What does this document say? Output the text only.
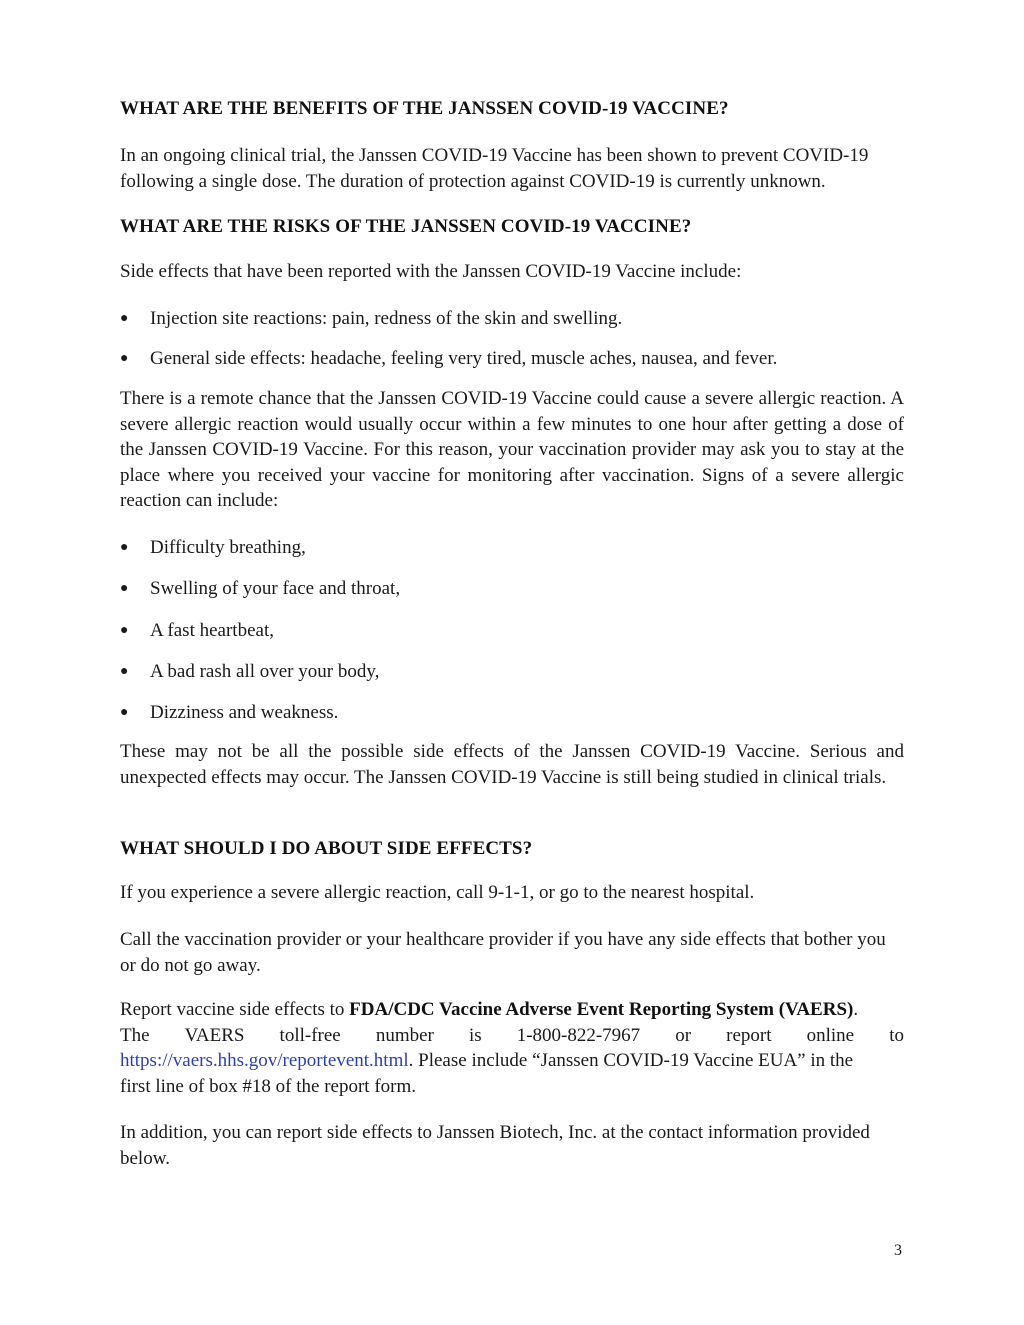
WHAT ARE THE BENEFITS OF THE JANSSEN COVID-19 VACCINE?
In an ongoing clinical trial, the Janssen COVID-19 Vaccine has been shown to prevent COVID-19 following a single dose. The duration of protection against COVID-19 is currently unknown.
WHAT ARE THE RISKS OF THE JANSSEN COVID-19 VACCINE?
Side effects that have been reported with the Janssen COVID-19 Vaccine include:
●	Injection site reactions: pain, redness of the skin and swelling.
●	General side effects: headache, feeling very tired, muscle aches, nausea, and fever.
There is a remote chance that the Janssen COVID-19 Vaccine could cause a severe allergic reaction. A severe allergic reaction would usually occur within a few minutes to one hour after getting a dose of the Janssen COVID-19 Vaccine. For this reason, your vaccination provider may ask you to stay at the place where you received your vaccine for monitoring after vaccination. Signs of a severe allergic reaction can include:
●	Difficulty breathing,
●	Swelling of your face and throat,
●	A fast heartbeat,
●	A bad rash all over your body,
●	Dizziness and weakness.
These may not be all the possible side effects of the Janssen COVID-19 Vaccine. Serious and unexpected effects may occur. The Janssen COVID-19 Vaccine is still being studied in clinical trials.
WHAT SHOULD I DO ABOUT SIDE EFFECTS?
If you experience a severe allergic reaction, call 9-1-1, or go to the nearest hospital.
Call the vaccination provider or your healthcare provider if you have any side effects that bother you or do not go away.
Report vaccine side effects to FDA/CDC Vaccine Adverse Event Reporting System (VAERS).
The VAERS toll-free number is 1-800-822-7967 or report online to
https://vaers.hhs.gov/reportevent.html. Please include “Janssen COVID-19 Vaccine EUA” in the
first line of box #18 of the report form.
In addition, you can report side effects to Janssen Biotech, Inc. at the contact information provided below.
3
